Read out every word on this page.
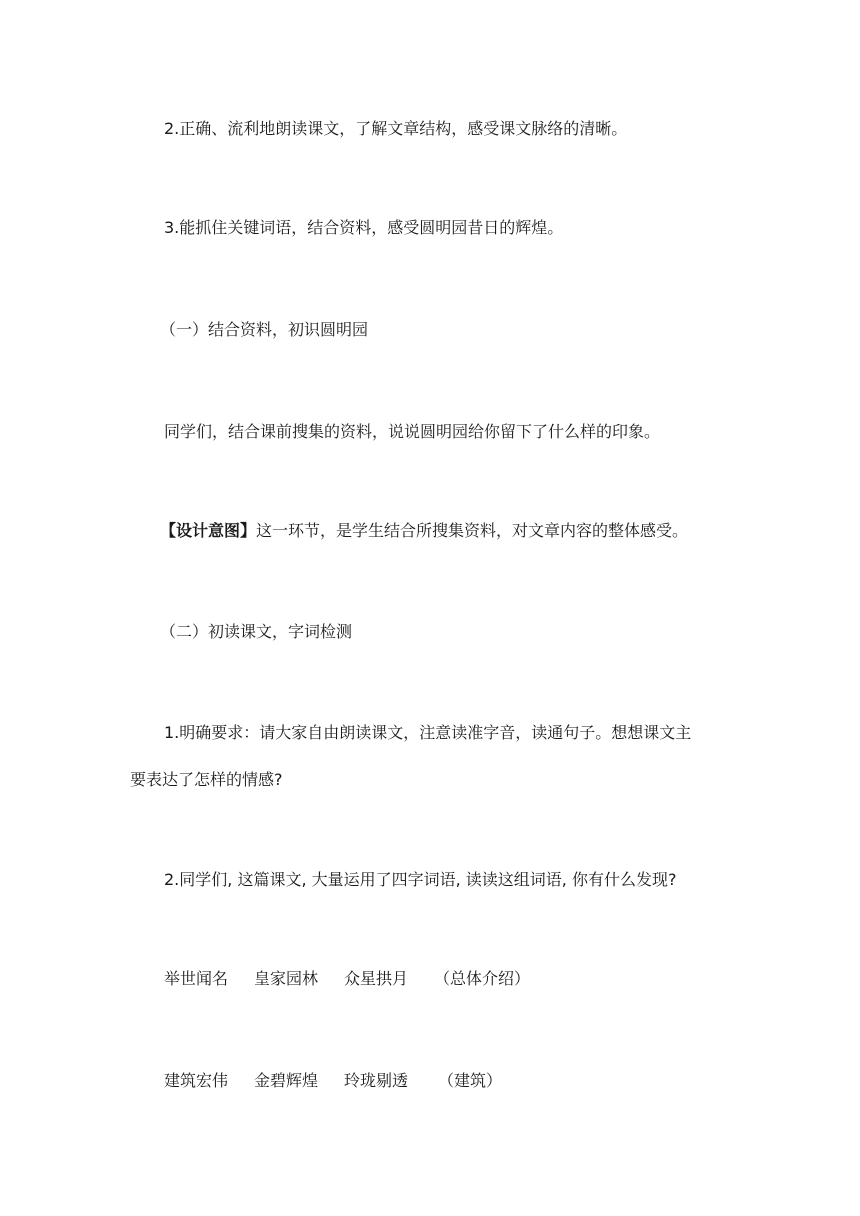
2.正确、流利地朗读课文，了解文章结构，感受课文脉络的清晰。
3.能抓住关键词语，结合资料，感受圆明园昔日的辉煌。
（一）结合资料，初识圆明园
同学们，结合课前搜集的资料，说说圆明园给你留下了什么样的印象。
【设计意图】这一环节，是学生结合所搜集资料，对文章内容的整体感受。
（二）初读课文，字词检测
1.明确要求：请大家自由朗读课文，注意读准字音，读通句子。想想课文主
要表达了怎样的情感?
2.同学们, 这篇课文, 大量运用了四字词语, 读读这组词语, 你有什么发现?
举世闻名 皇家园林 众星拱月 （总体介绍）
建筑宏伟 金碧辉煌 玲珑剔透 （建筑）
